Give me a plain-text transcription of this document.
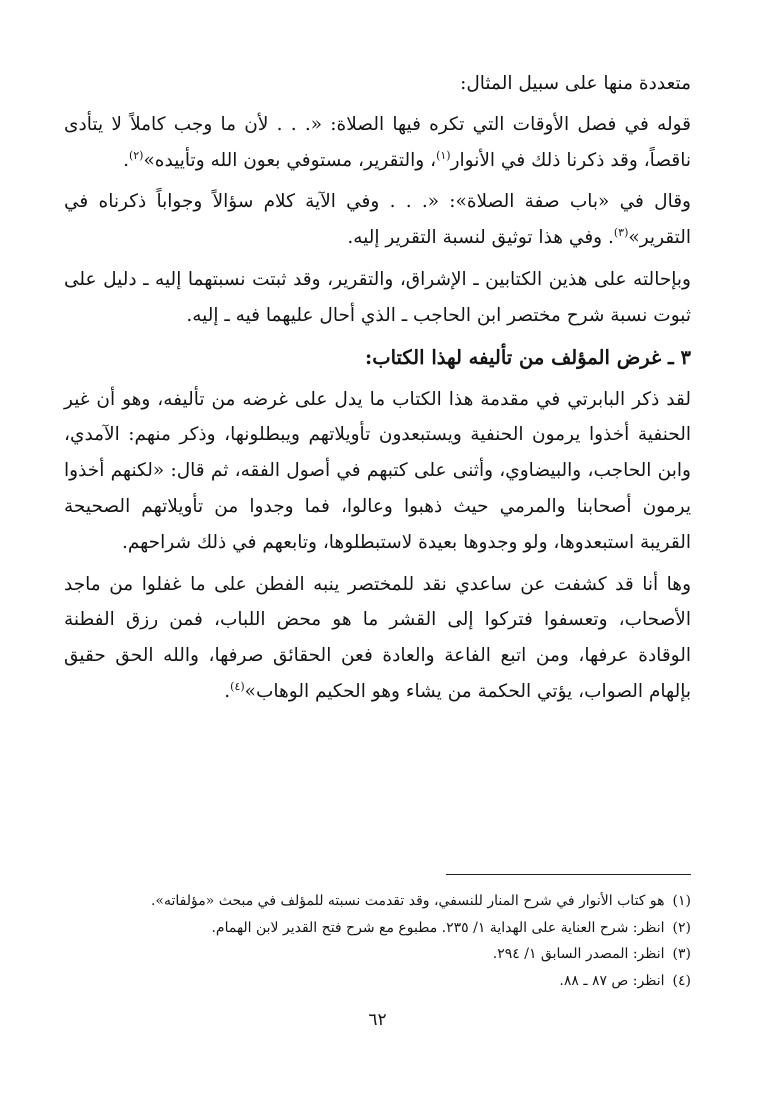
متعددة منها على سبيل المثال:

قوله في فصل الأوقات التي تكره فيها الصلاة: «. . . لأن ما وجب كاملاً لا يتأدى ناقصاً، وقد ذكرنا ذلك في الأنوار$^{(١)}$، والتقرير، مستوفي بعون الله وتأييده»$^{(٢)}$.

وقال في «باب صفة الصلاة»: «. . . وفي الآية كلام سؤالاً وجواباً ذكرناه في التقرير»$^{(٣)}$. وفي هذا توثيق لنسبة التقرير إليه.

وبإحالته على هذين الكتابين ـ الإشراق، والتقرير، وقد ثبتت نسبتهما إليه ـ دليل على ثبوت نسبة شرح مختصر ابن الحاجب ـ الذي أحال عليهما فيه ـ إليه.

٣ ـ غرض المؤلف من تأليفه لهذا الكتاب:

لقد ذكر البابرتي في مقدمة هذا الكتاب ما يدل على غرضه من تأليفه، وهو أن غير الحنفية أخذوا يرمون الحنفية ويستبعدون تأويلاتهم ويبطلونها، وذكر منهم: الآمدي، وابن الحاجب، والبيضاوي، وأثنى على كتبهم في أصول الفقه، ثم قال: «لكنهم أخذوا يرمون أصحابنا والمرمي حيث ذهبوا وعالوا، فما وجدوا من تأويلاتهم الصحيحة القريبة استبعدوها، ولو وجدوها بعيدة لاستبطلوها، وتابعهم في ذلك شراحهم.

وها أنا قد كشفت عن ساعدي نقد للمختصر ينبه الفطن على ما غفلوا من ماجد الأصحاب، وتعسفوا فتركوا إلى القشر ما هو محض اللباب، فمن رزق الفطنة الوقادة عرفها، ومن اتبع الفاعة والعادة فعن الحقائق صرفها، والله الحق حقيق بإلهام الصواب، يؤتي الحكمة من يشاء وهو الحكيم الوهاب»$^{(٤)}$.

(١)هو كتاب الأنوار في شرح المنار للنسفي، وقد تقدمت نسبته للمؤلف في مبحث «مؤلفاته».
(٢)انظر: شرح العناية على الهداية ١/ ٢٣٥. مطبوع مع شرح فتح القدير لابن الهمام.
(٣)انظر: المصدر السابق ١/ ٢٩٤.
(٤)انظر: ص ٨٧ ـ ٨٨.
٦٢
